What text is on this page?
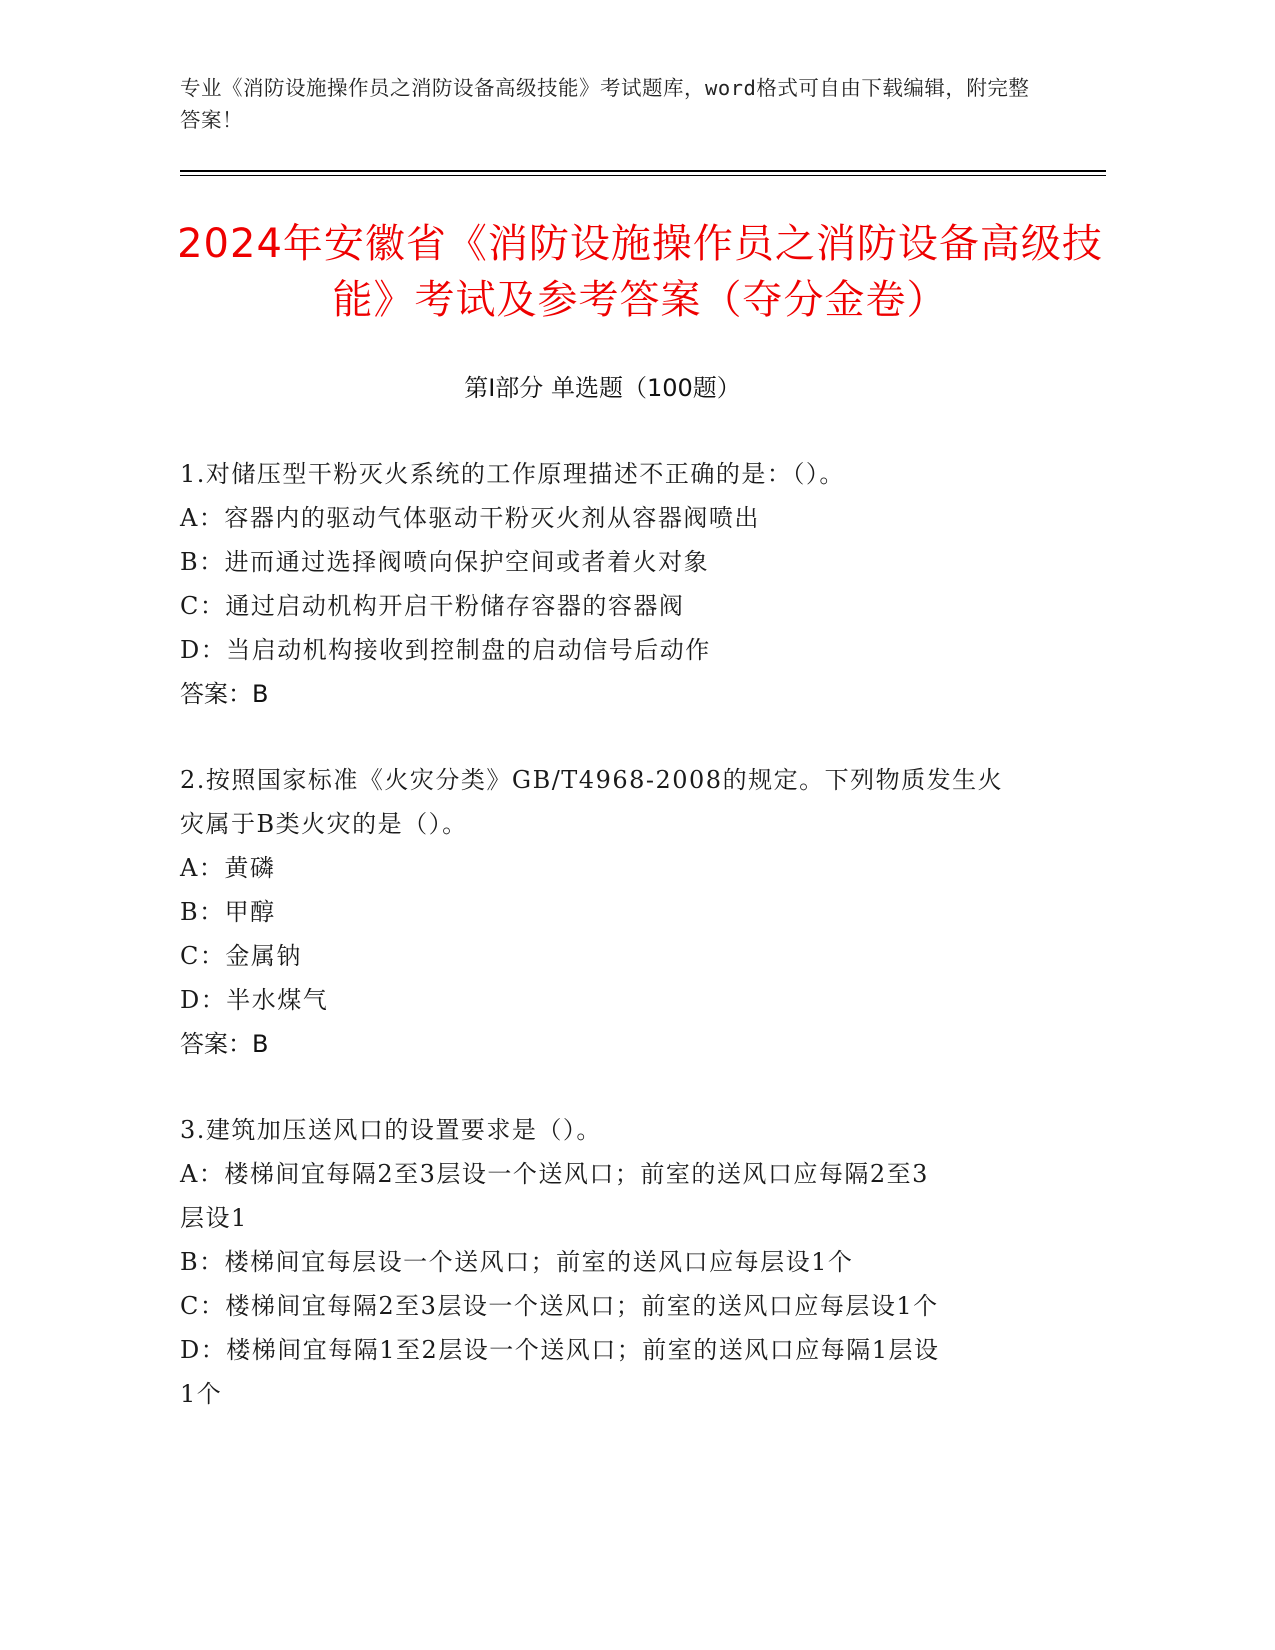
专业《消防设施操作员之消防设备高级技能》考试题库，word格式可自由下载编辑，附完整答案！
2024年安徽省《消防设施操作员之消防设备高级技能》考试及参考答案（夺分金卷）
第I部分 单选题（100题）
1.对储压型干粉灭火系统的工作原理描述不正确的是：（）。
A：容器内的驱动气体驱动干粉灭火剂从容器阀喷出
B：进而通过选择阀喷向保护空间或者着火对象
C：通过启动机构开启干粉储存容器的容器阀
D：当启动机构接收到控制盘的启动信号后动作
答案：B
2.按照国家标准《火灾分类》GB/T4968-2008的规定。下列物质发生火
灾属于B类火灾的是（）。
A：黄磷
B：甲醇
C：金属钠
D：半水煤气
答案：B
3.建筑加压送风口的设置要求是（）。
A：楼梯间宜每隔2至3层设一个送风口；前室的送风口应每隔2至3
层设1
B：楼梯间宜每层设一个送风口；前室的送风口应每层设1个
C：楼梯间宜每隔2至3层设一个送风口；前室的送风口应每层设1个
D：楼梯间宜每隔1至2层设一个送风口；前室的送风口应每隔1层设
1个
